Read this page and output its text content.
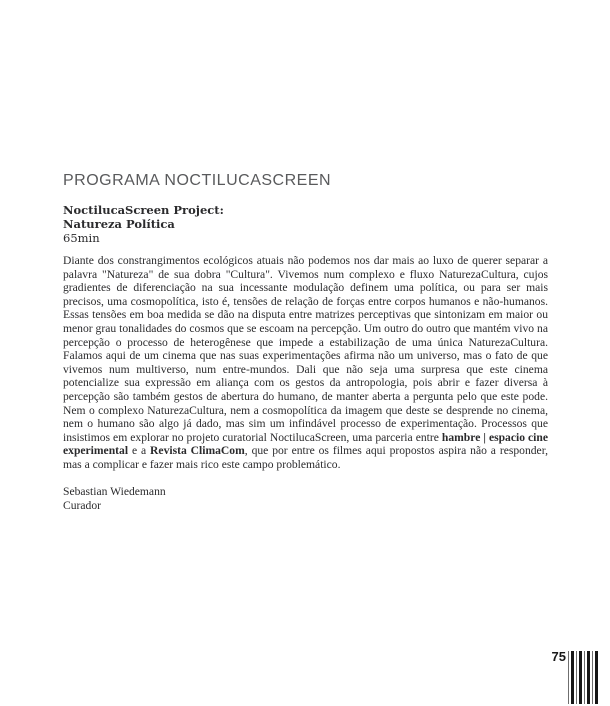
PROGRAMA NOCTILUCASCREEN
NoctilucaScreen Project:
Natureza Política
65min

Diante dos constrangimentos ecológicos atuais não podemos nos dar mais ao luxo de querer separar a palavra "Natureza" de sua dobra "Cultura". Vivemos num complexo e fluxo NaturezaCultura, cujos gradientes de diferenciação na sua incessante modulação definem uma política, ou para ser mais precisos, uma cosmopolítica, isto é, tensões de relação de forças entre corpos humanos e não-humanos. Essas tensões em boa medida se dão na disputa entre matrizes perceptivas que sintonizam em maior ou menor grau tonalidades do cosmos que se escoam na percepção. Um outro do outro que mantém vivo na percepção o processo de heterogênese que impede a estabilização de uma única NaturezaCultura. Falamos aqui de um cinema que nas suas experimentações afirma não um universo, mas o fato de que vivemos num multiverso, num entre-mundos. Dali que não seja uma surpresa que este cinema potencialize sua expressão em aliança com os gestos da antropologia, pois abrir e fazer diversa à percepção são também gestos de abertura do humano, de manter aberta a pergunta pelo que este pode. Nem o complexo NaturezaCultura, nem a cosmopolítica da imagem que deste se desprende no cinema, nem o humano são algo já dado, mas sim um infindável processo de experimentação. Processos que insistimos em explorar no projeto curatorial NoctilucaScreen, uma parceria entre hambre | espacio cine experimental e a Revista ClimaCom, que por entre os filmes aqui propostos aspira não a responder, mas a complicar e fazer mais rico este campo problemático.

Sebastian Wiedemann
Curador
75
